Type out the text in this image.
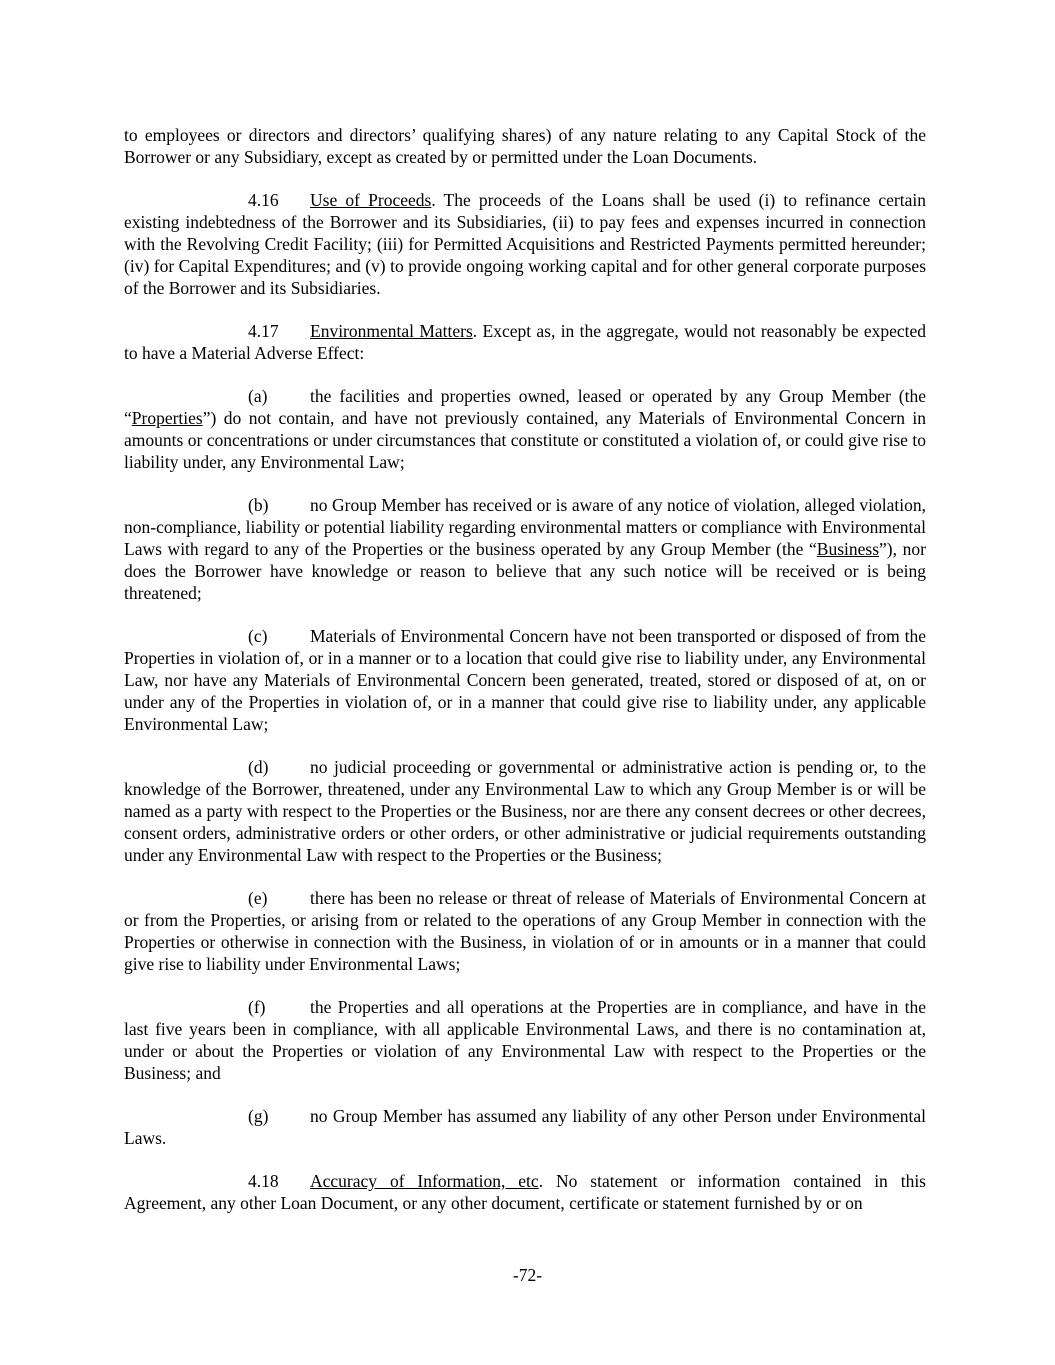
to employees or directors and directors’ qualifying shares) of any nature relating to any Capital Stock of the Borrower or any Subsidiary, except as created by or permitted under the Loan Documents.

4.16 Use of Proceeds. The proceeds of the Loans shall be used (i) to refinance certain existing indebtedness of the Borrower and its Subsidiaries, (ii) to pay fees and expenses incurred in connection with the Revolving Credit Facility; (iii) for Permitted Acquisitions and Restricted Payments permitted hereunder; (iv) for Capital Expenditures; and (v) to provide ongoing working capital and for other general corporate purposes of the Borrower and its Subsidiaries.

4.17 Environmental Matters. Except as, in the aggregate, would not reasonably be expected to have a Material Adverse Effect:

(a) the facilities and properties owned, leased or operated by any Group Member (the “Properties”) do not contain, and have not previously contained, any Materials of Environmental Concern in amounts or concentrations or under circumstances that constitute or constituted a violation of, or could give rise to liability under, any Environmental Law;

(b) no Group Member has received or is aware of any notice of violation, alleged violation, non-compliance, liability or potential liability regarding environmental matters or compliance with Environmental Laws with regard to any of the Properties or the business operated by any Group Member (the “Business”), nor does the Borrower have knowledge or reason to believe that any such notice will be received or is being threatened;

(c) Materials of Environmental Concern have not been transported or disposed of from the Properties in violation of, or in a manner or to a location that could give rise to liability under, any Environmental Law, nor have any Materials of Environmental Concern been generated, treated, stored or disposed of at, on or under any of the Properties in violation of, or in a manner that could give rise to liability under, any applicable Environmental Law;

(d) no judicial proceeding or governmental or administrative action is pending or, to the knowledge of the Borrower, threatened, under any Environmental Law to which any Group Member is or will be named as a party with respect to the Properties or the Business, nor are there any consent decrees or other decrees, consent orders, administrative orders or other orders, or other administrative or judicial requirements outstanding under any Environmental Law with respect to the Properties or the Business;

(e) there has been no release or threat of release of Materials of Environmental Concern at or from the Properties, or arising from or related to the operations of any Group Member in connection with the Properties or otherwise in connection with the Business, in violation of or in amounts or in a manner that could give rise to liability under Environmental Laws;

(f)	the Properties and all operations at the Properties are in compliance, and have in the last five years been in compliance, with all applicable Environmental Laws, and there is no contamination at, under or about the Properties or violation of any Environmental Law with respect to the Properties or the Business; and

(g) no Group Member has assumed any liability of any other Person under Environmental Laws.

4.18 Accuracy of Information, etc. No statement or information contained in this Agreement, any other Loan Document, or any other document, certificate or statement furnished by or on

-72-
